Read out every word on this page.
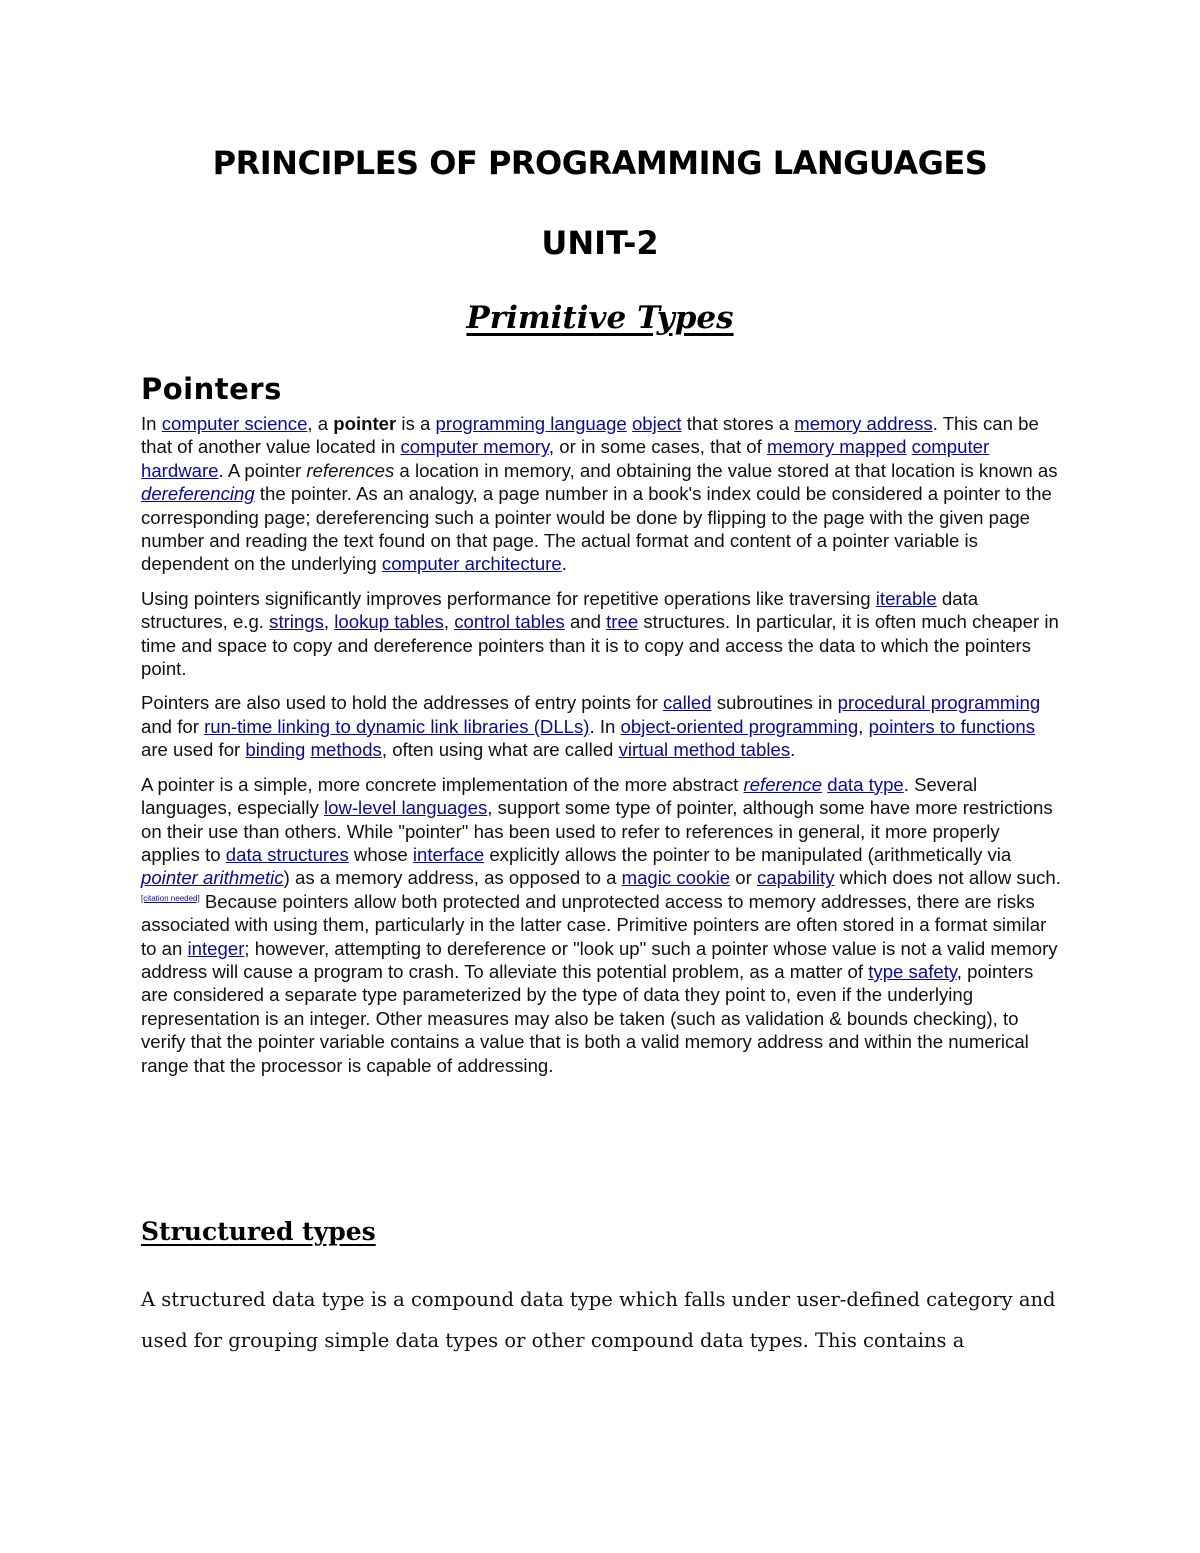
PRINCIPLES OF PROGRAMMING LANGUAGES
UNIT-2
Primitive Types
Pointers

In computer science, a pointer is a programming language object that stores a memory address. This can be that of another value located in computer memory, or in some cases, that of memory mapped computer hardware. A pointer references a location in memory, and obtaining the value stored at that location is known as dereferencing the pointer. As an analogy, a page number in a book's index could be considered a pointer to the corresponding page; dereferencing such a pointer would be done by flipping to the page with the given page number and reading the text found on that page. The actual format and content of a pointer variable is dependent on the underlying computer architecture.

Using pointers significantly improves performance for repetitive operations like traversing iterable data structures, e.g. strings, lookup tables, control tables and tree structures. In particular, it is often much cheaper in time and space to copy and dereference pointers than it is to copy and access the data to which the pointers point.

Pointers are also used to hold the addresses of entry points for called subroutines in procedural programming and for run-time linking to dynamic link libraries (DLLs). In object-oriented programming, pointers to functions are used for binding methods, often using what are called virtual method tables.

A pointer is a simple, more concrete implementation of the more abstract reference data type. Several languages, especially low-level languages, support some type of pointer, although some have more restrictions on their use than others. While "pointer" has been used to refer to references in general, it more properly applies to data structures whose interface explicitly allows the pointer to be manipulated (arithmetically via pointer arithmetic) as a memory address, as opposed to a magic cookie or capability which does not allow such.[citation needed] Because pointers allow both protected and unprotected access to memory addresses, there are risks associated with using them, particularly in the latter case. Primitive pointers are often stored in a format similar to an integer; however, attempting to dereference or "look up" such a pointer whose value is not a valid memory address will cause a program to crash. To alleviate this potential problem, as a matter of type safety, pointers are considered a separate type parameterized by the type of data they point to, even if the underlying representation is an integer. Other measures may also be taken (such as validation & bounds checking), to verify that the pointer variable contains a value that is both a valid memory address and within the numerical range that the processor is capable of addressing.

Structured types
A structured data type is a compound data type which falls under user-defined category and used for grouping simple data types or other compound data types. This contains a
